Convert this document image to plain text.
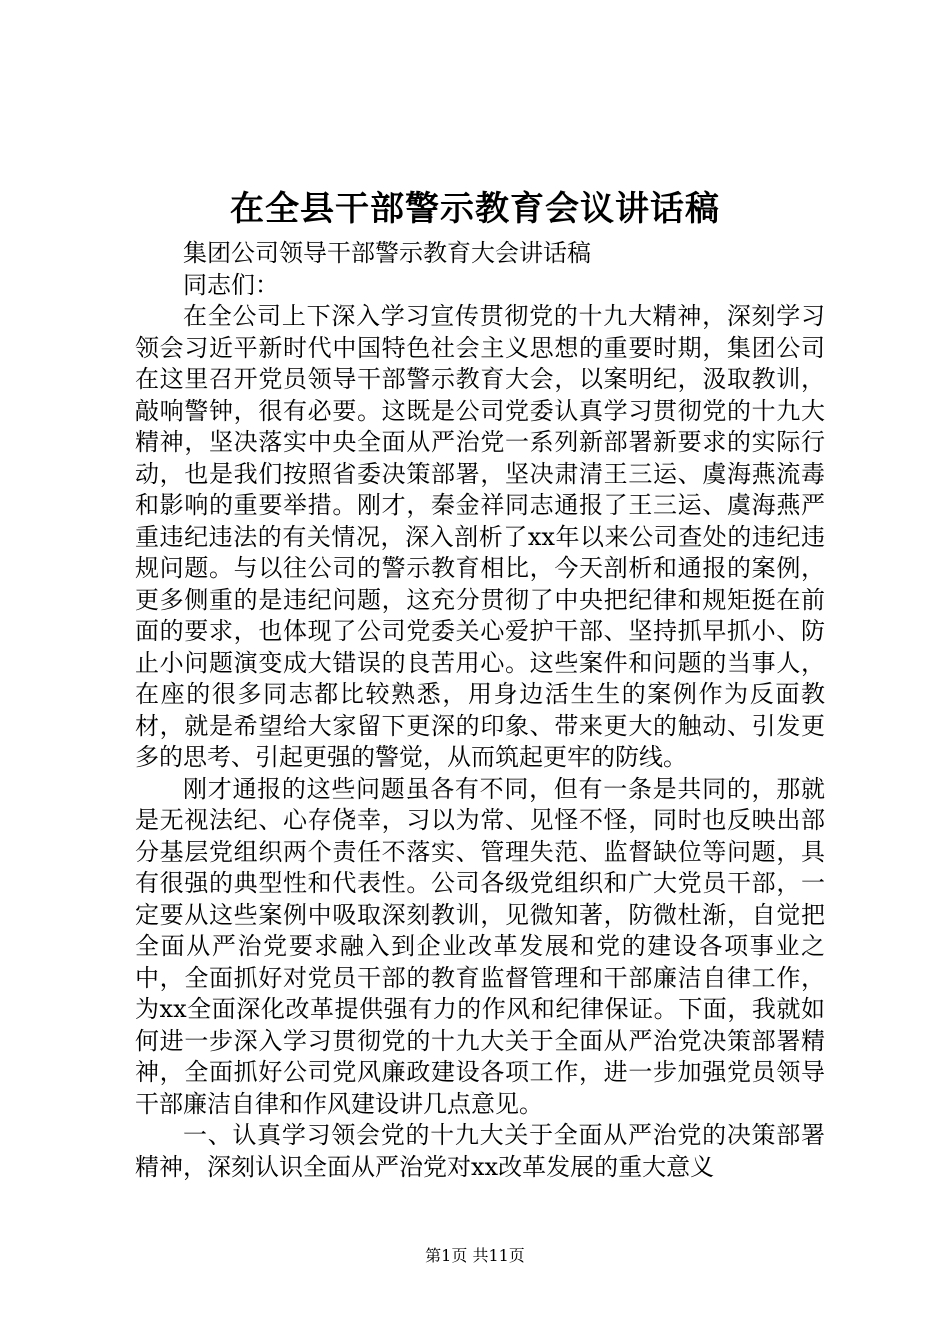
在全县干部警示教育会议讲话稿

集团公司领导干部警示教育大会讲话稿

同志们：

在全公司上下深入学习宣传贯彻党的十九大精神，深刻学习领会习近平新时代中国特色社会主义思想的重要时期，集团公司在这里召开党员领导干部警示教育大会，以案明纪，汲取教训，敲响警钟，很有必要。这既是公司党委认真学习贯彻党的十九大精神，坚决落实中央全面从严治党一系列新部署新要求的实际行动，也是我们按照省委决策部署，坚决肃清王三运、虞海燕流毒和影响的重要举措。刚才，秦金祥同志通报了王三运、虞海燕严重违纪违法的有关情况，深入剖析了xx年以来公司查处的违纪违规问题。与以往公司的警示教育相比，今天剖析和通报的案例，更多侧重的是违纪问题，这充分贯彻了中央把纪律和规矩挺在前面的要求，也体现了公司党委关心爱护干部、坚持抓早抓小、防止小问题演变成大错误的良苦用心。这些案件和问题的当事人，在座的很多同志都比较熟悉，用身边活生生的案例作为反面教材，就是希望给大家留下更深的印象、带来更大的触动、引发更多的思考、引起更强的警觉，从而筑起更牢的防线。

刚才通报的这些问题虽各有不同，但有一条是共同的，那就是无视法纪、心存侥幸，习以为常、见怪不怪，同时也反映出部分基层党组织两个责任不落实、管理失范、监督缺位等问题，具有很强的典型性和代表性。公司各级党组织和广大党员干部，一定要从这些案例中吸取深刻教训，见微知著，防微杜渐，自觉把全面从严治党要求融入到企业改革发展和党的建设各项事业之中，全面抓好对党员干部的教育监督管理和干部廉洁自律工作，为xx全面深化改革提供强有力的作风和纪律保证。下面，我就如何进一步深入学习贯彻党的十九大关于全面从严治党决策部署精神，全面抓好公司党风廉政建设各项工作，进一步加强党员领导干部廉洁自律和作风建设讲几点意见。

一、认真学习领会党的十九大关于全面从严治党的决策部署精神，深刻认识全面从严治党对xx改革发展的重大意义

第1页 共11页
